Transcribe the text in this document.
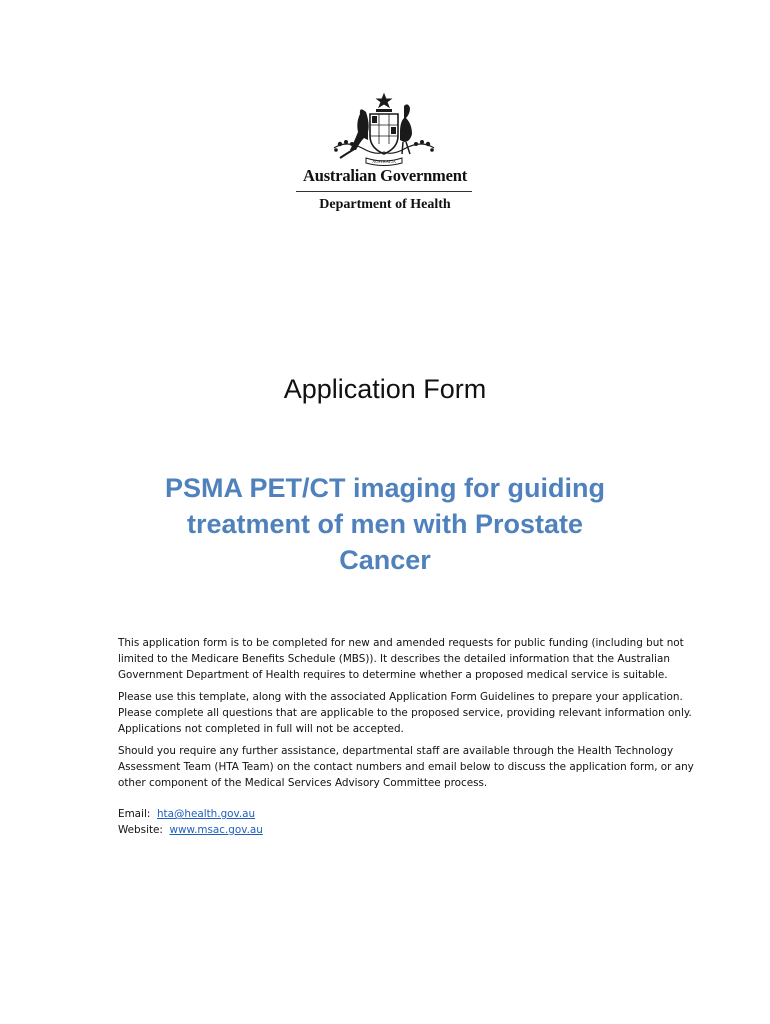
AUSTRALIA
Australian Government
Department of Health
Application Form
PSMA PET/CT imaging for guiding
treatment of men with Prostate
Cancer

This application form is to be completed for new and amended requests for public funding (including but not
limited to the Medicare Benefits Schedule (MBS)). It describes the detailed information that the Australian
Government Department of Health requires to determine whether a proposed medical service is suitable.

Please use this template, along with the associated Application Form Guidelines to prepare your application.
Please complete all questions that are applicable to the proposed service, providing relevant information only.
Applications not completed in full will not be accepted.

Should you require any further assistance, departmental staff are available through the Health Technology
Assessment Team (HTA Team) on the contact numbers and email below to discuss the application form, or any
other component of the Medical Services Advisory Committee process.

Email: hta@health.gov.au
Website: www.msac.gov.au
